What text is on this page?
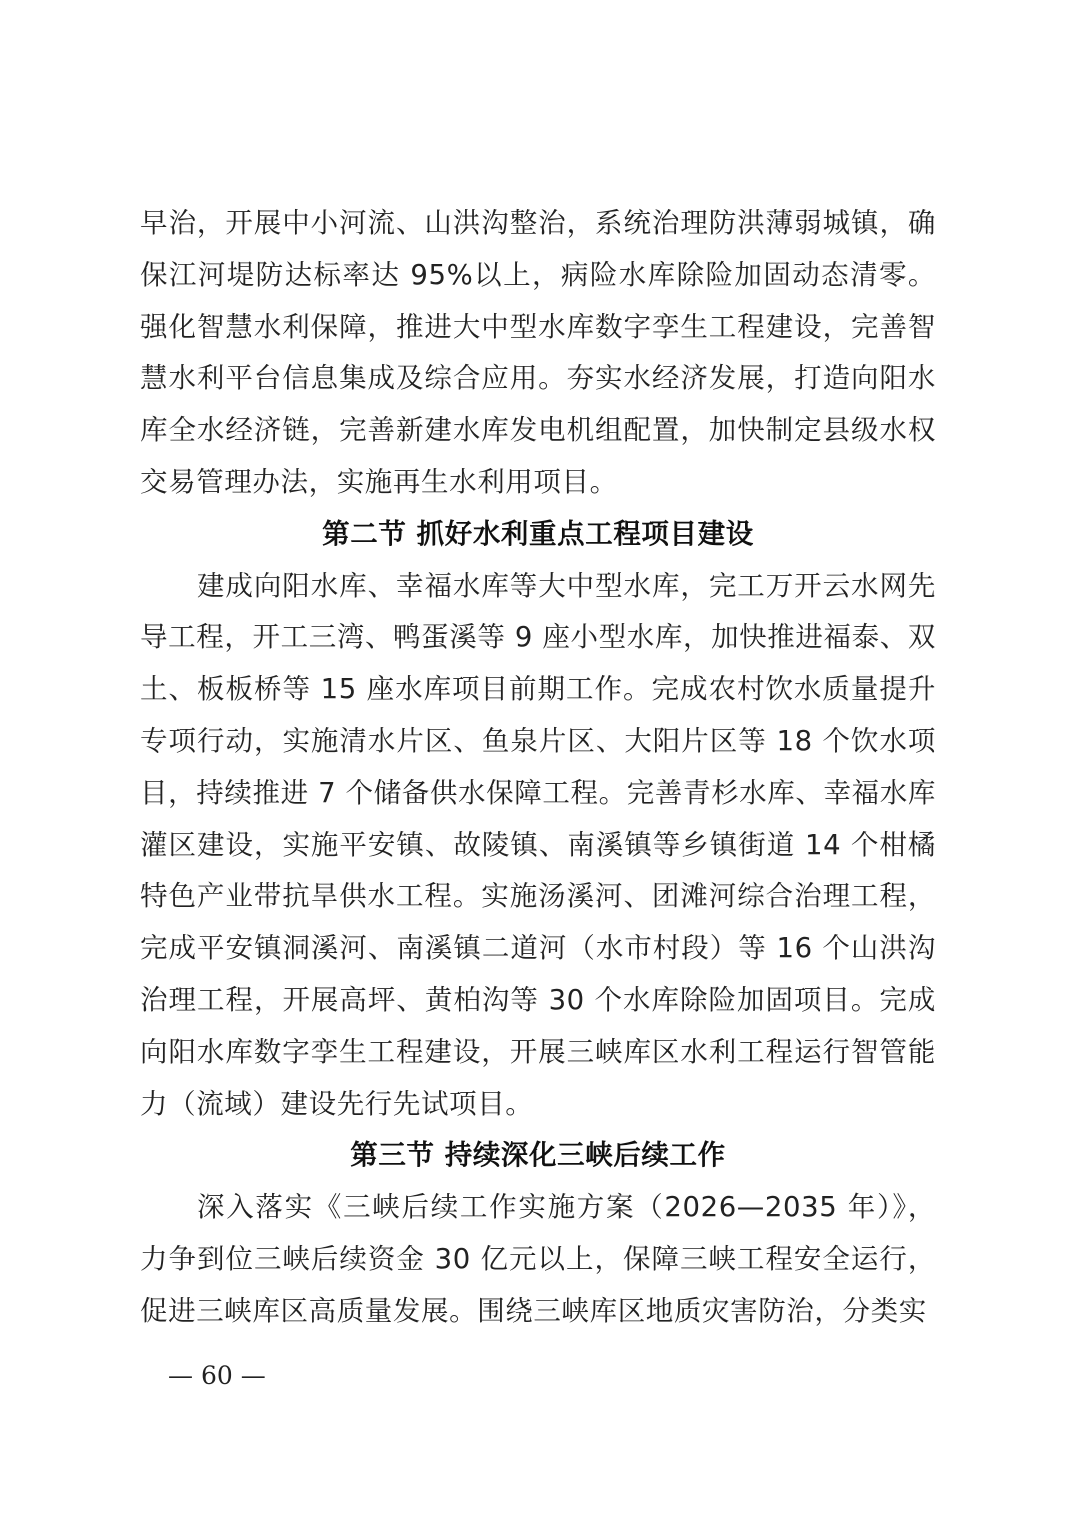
早治，开展中小河流、山洪沟整治，系统治理防洪薄弱城镇，确保江河堤防达标率达 95%以上，病险水库除险加固动态清零。强化智慧水利保障，推进大中型水库数字孪生工程建设，完善智慧水利平台信息集成及综合应用。夯实水经济发展，打造向阳水库全水经济链，完善新建水库发电机组配置，加快制定县级水权交易管理办法，实施再生水利用项目。

第二节 抓好水利重点工程项目建设

建成向阳水库、幸福水库等大中型水库，完工万开云水网先导工程，开工三湾、鸭蛋溪等 9 座小型水库，加快推进福泰、双土、板板桥等 15 座水库项目前期工作。完成农村饮水质量提升专项行动，实施清水片区、鱼泉片区、大阳片区等 18 个饮水项目，持续推进 7 个储备供水保障工程。完善青杉水库、幸福水库灌区建设，实施平安镇、故陵镇、南溪镇等乡镇街道 14 个柑橘特色产业带抗旱供水工程。实施汤溪河、团滩河综合治理工程，完成平安镇洞溪河、南溪镇二道河（水市村段）等 16 个山洪沟治理工程，开展高坪、黄柏沟等 30 个水库除险加固项目。完成向阳水库数字孪生工程建设，开展三峡库区水利工程运行智管能力（流域）建设先行先试项目。

第三节 持续深化三峡后续工作

深入落实《三峡后续工作实施方案（2026—2035 年）》，力争到位三峡后续资金 30 亿元以上，保障三峡工程安全运行，促进三峡库区高质量发展。围绕三峡库区地质灾害防治，分类实

— 60 —
